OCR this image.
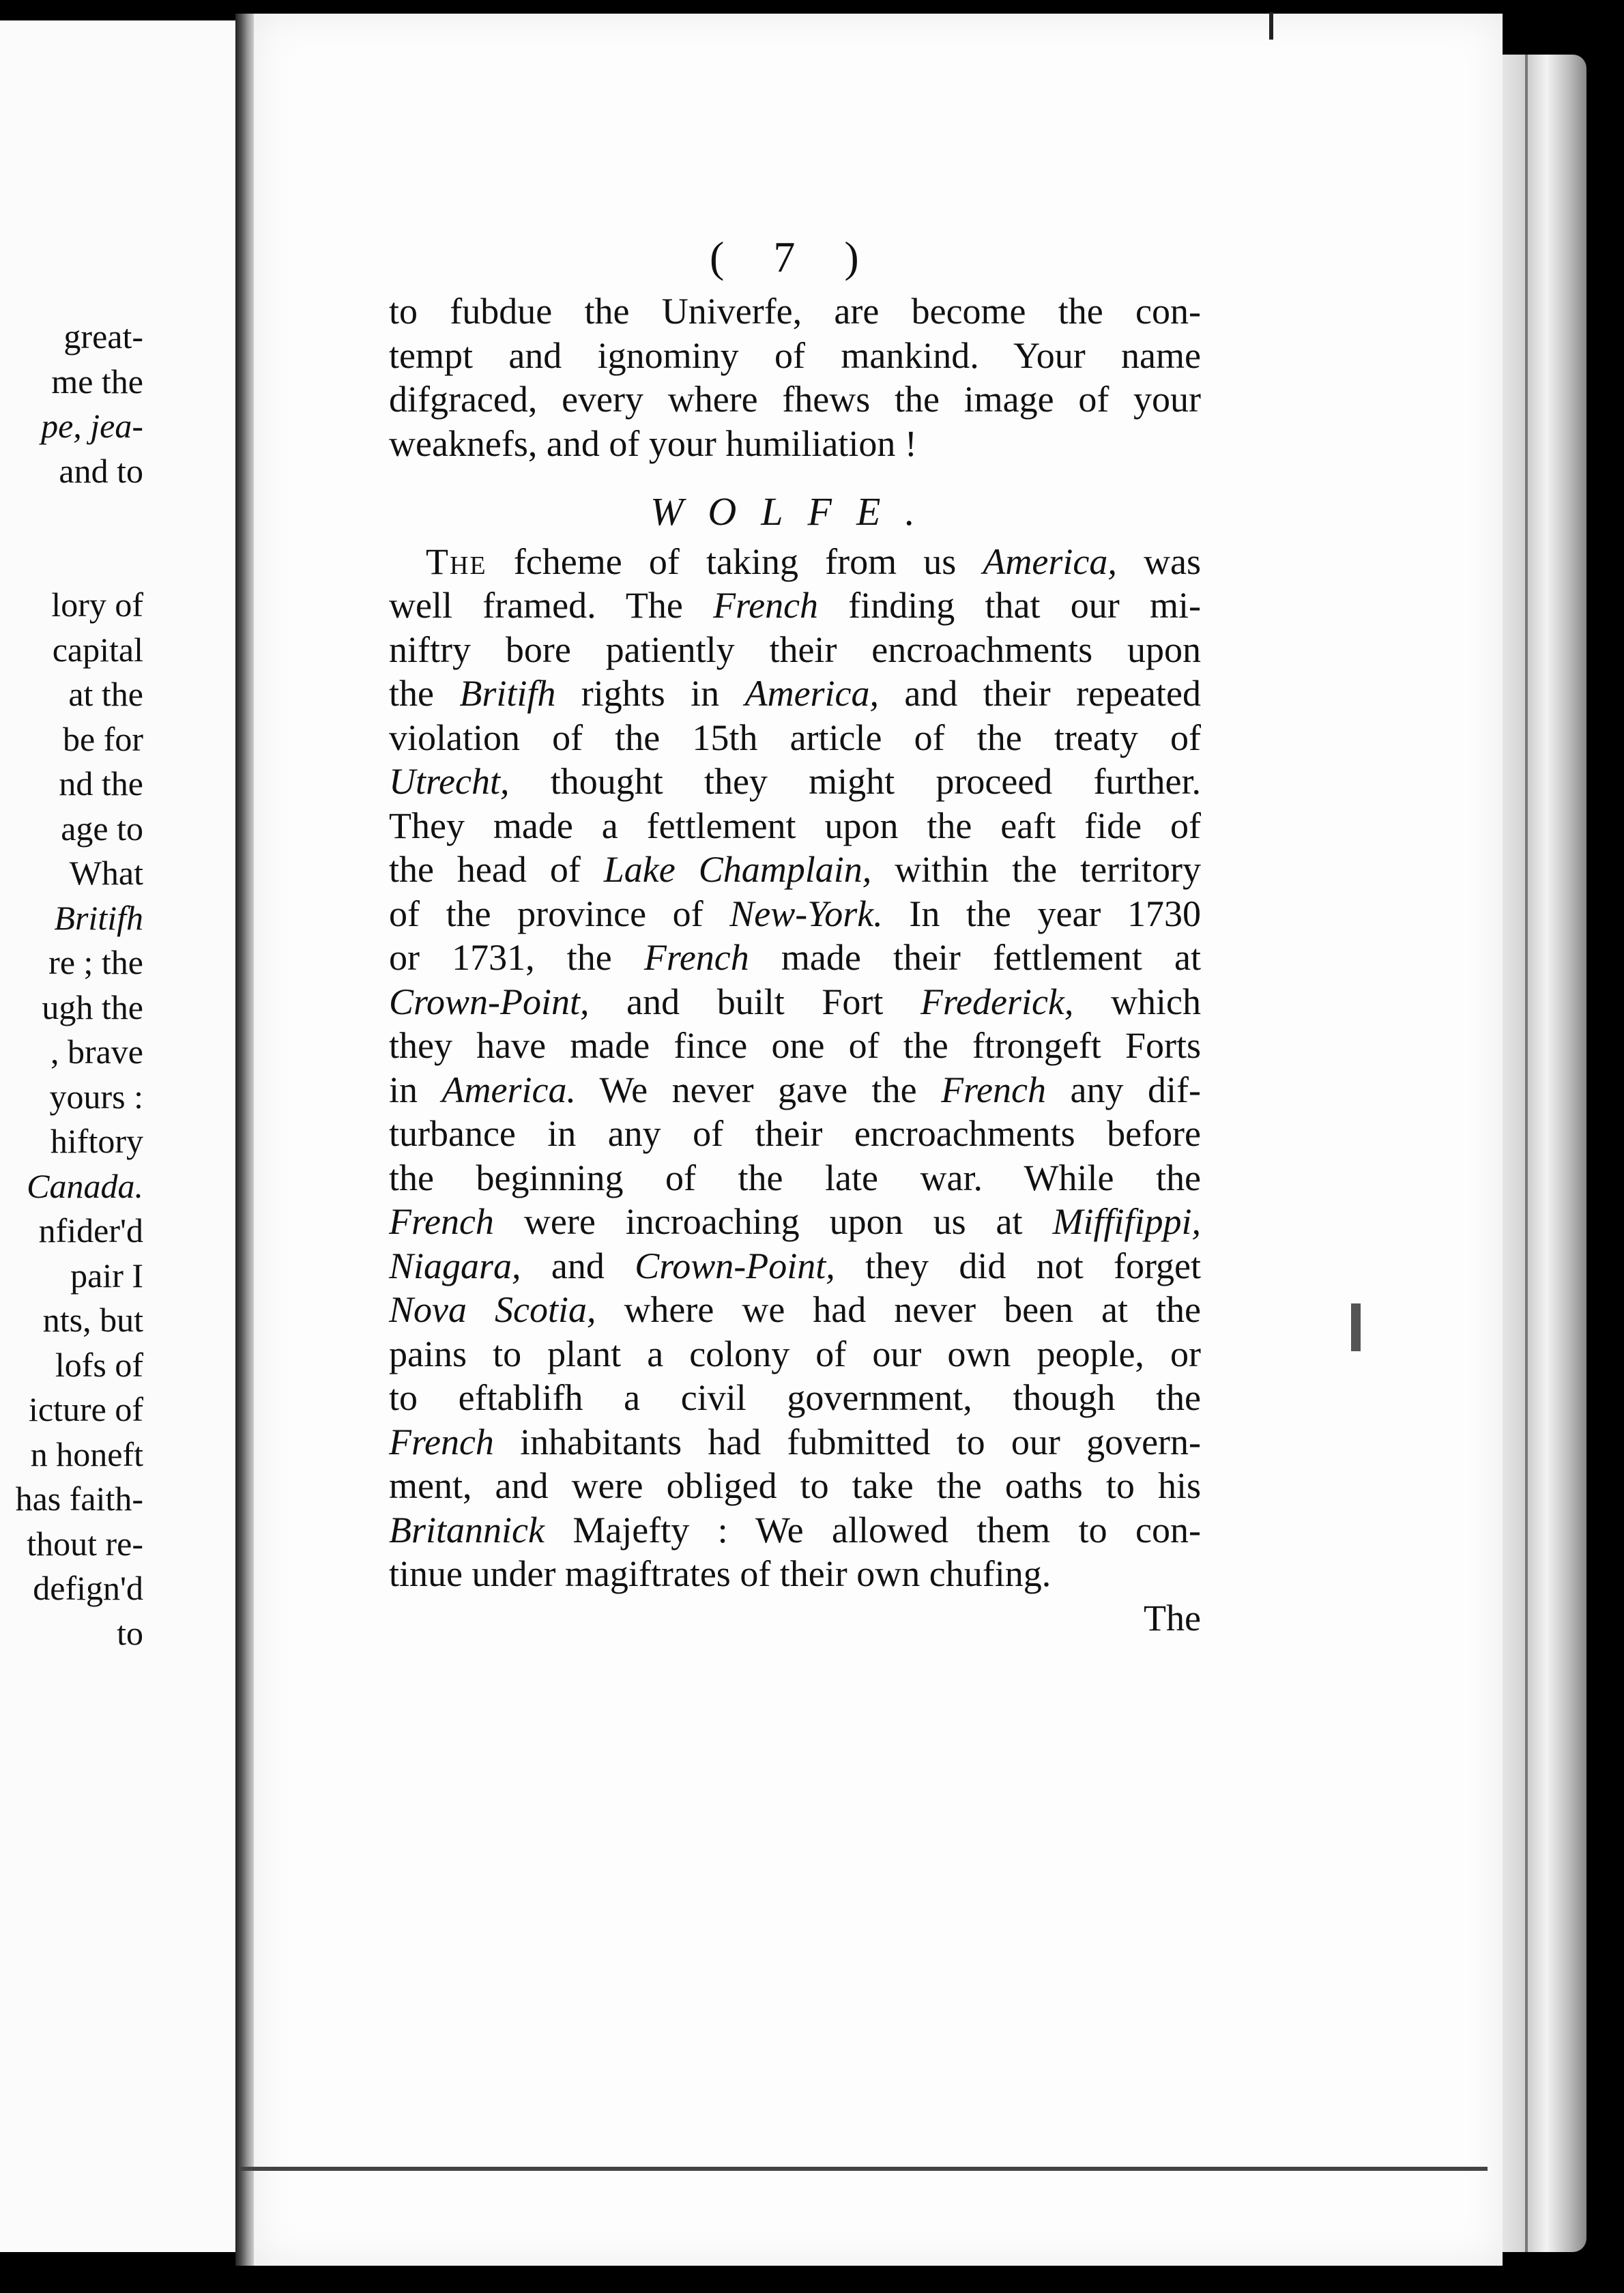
great-
me the
pe, jea-
and to
lory of
capital
at the
be for
nd the
age to
What
Britifh
re ; the
ugh the
, brave
yours :
hiftory
Canada.
nfider'd
pair I
nts, but
lofs of
icture of
n honeft
has faith-
thout re-
defign'd
to
( 7 )
to fubdue the Univerfe, are become the con-
tempt and ignominy of mankind. Your name
difgraced, every where fhews the image of your
weaknefs, and of your humiliation !
WOLFE.
 The fcheme of taking from us America, was
well framed. The French finding that our mi-
niftry bore patiently their encroachments upon
the Britifh rights in America, and their repeated
violation of the 15th article of the treaty of
Utrecht, thought they might proceed further.
They made a fettlement upon the eaft fide of
the head of Lake Champlain, within the territory
of the province of New-York. In the year 1730
or 1731, the French made their fettlement at
Crown-Point, and built Fort Frederick, which
they have made fince one of the ftrongeft Forts
in America. We never gave the French any dif-
turbance in any of their encroachments before
the beginning of the late war. While the
French were incroaching upon us at Miffifippi,
Niagara, and Crown-Point, they did not forget
Nova Scotia, where we had never been at the
pains to plant a colony of our own people, or
to eftablifh a civil government, though the
French inhabitants had fubmitted to our govern-
ment, and were obliged to take the oaths to his
Britannick Majefty : We allowed them to con-
tinue under magiftrates of their own chufing.
The
